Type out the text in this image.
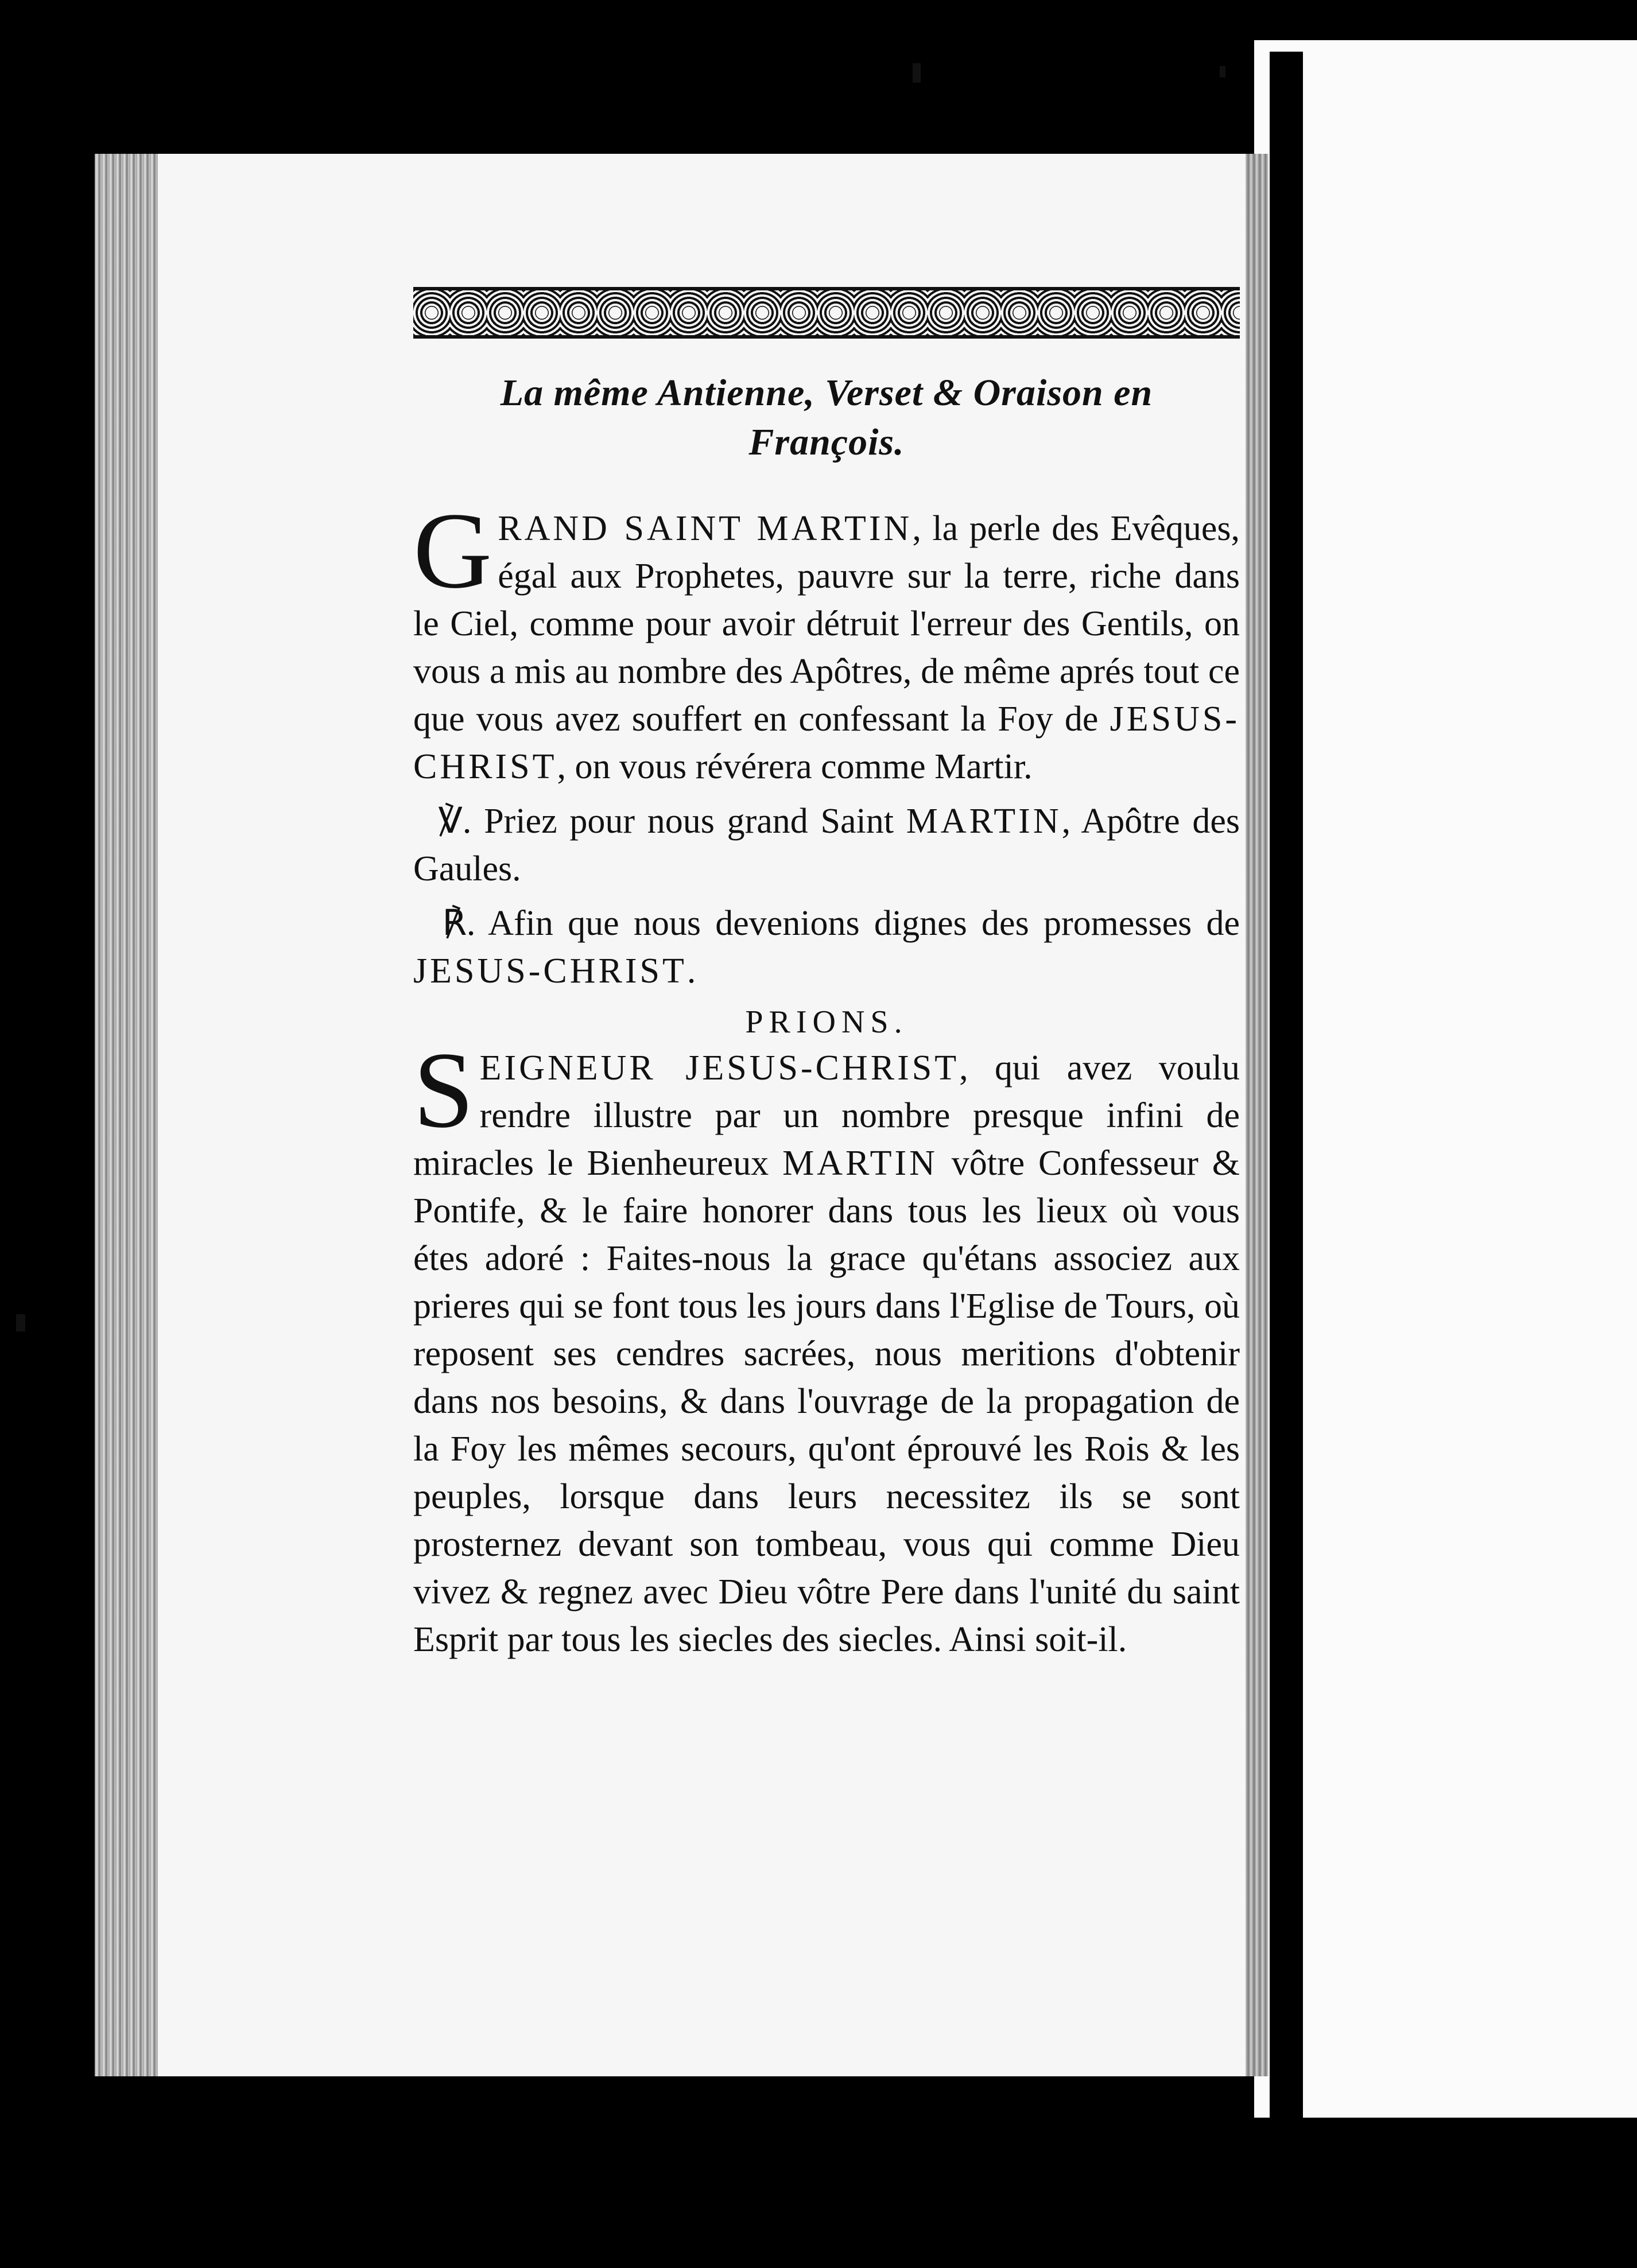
La même Antienne, Verset & Oraison en
François.

GRAND SAINT MARTIN, la perle des Evêques, égal aux Prophetes, pauvre sur la terre, riche dans le Ciel, comme pour avoir détruit l'erreur des Gentils, on vous a mis au nombre des Apôtres, de même aprés tout ce que vous avez souffert en confessant la Foy de JESUS-CHRIST, on vous révérera comme Martir.

℣. Priez pour nous grand Saint MARTIN, Apôtre des Gaules.

℟. Afin que nous devenions dignes des promesses de JESUS-CHRIST.

PRIONS.

SEIGNEUR JESUS-CHRIST, qui avez voulu rendre illustre par un nombre presque infini de miracles le Bienheureux MARTIN vôtre Confesseur & Pontife, & le faire honorer dans tous les lieux où vous étes adoré : Faites-nous la grace qu'étans associez aux prieres qui se font tous les jours dans l'Eglise de Tours, où reposent ses cendres sacrées, nous meritions d'obtenir dans nos besoins, & dans l'ouvrage de la propagation de la Foy les mêmes secours, qu'ont éprouvé les Rois & les peuples, lorsque dans leurs necessitez ils se sont prosternez devant son tombeau, vous qui comme Dieu vivez & regnez avec Dieu vôtre Pere dans l'unité du saint Esprit par tous les siecles des siecles. Ainsi soit-il.
